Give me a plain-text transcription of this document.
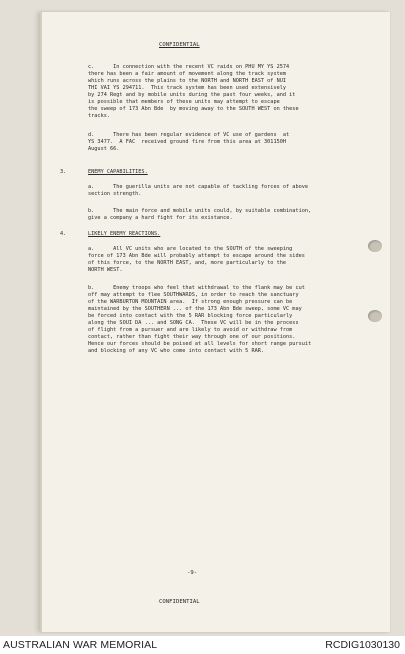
CONFIDENTIAL
c.      In connection with the recent VC raids on PHU MY YS 2574
there has been a fair amount of movement along the track system
which runs across the plains to the NORTH and NORTH EAST of NUI
THI VAI YS 294711.  This track system has been used extensively
by 274 Regt and by mobile units during the past four weeks, and it
is possible that members of these units may attempt to escape
the sweep of 173 Abn Bde  by moving away to the SOUTH WEST on these
tracks.
d.      There has been regular evidence of VC use of gardens  at
YS 3477.  A FAC  received ground fire from this area at 301150H
August 66.
3.	ENEMY CAPABILITIES.
a.      The guerilla units are not capable of tackling forces of above
section strength.
b.      The main force and mobile units could, by suitable combination,
give a company a hard fight for its existance.
4.	LIKELY ENEMY REACTIONS.
a.      All VC units who are located to the SOUTH of the sweeping
force of 173 Abn Bde will probably attempt to escape around the sides
of this force, to the NORTH EAST, and, more particularly to the
NORTH WEST.
b.      Enemy troops who feel that withdrawal to the flank may be cut
off may attempt to flee SOUTHWARDS, in order to reach the sanctuary
of the WARBURTON MOUNTAIN area.  If strong enough pressure can be
maintained by the SOUTHERN ... of the 173 Abn Bde sweep, some VC may
be forced into contact with the 5 RAR blocking force particularly
along the SOUI DA ... and SONG CA.  These VC will be in the process
of flight from a pursuer and are likely to avoid or withdraw from
contact, rather than fight their way through one of our positions.
Hence our forces should be poised at all levels for short range pursuit
and blocking of any VC who come into contact with 5 RAR.
-9-
CONFIDENTIAL
AUSTRALIAN WAR MEMORIAL	RCDIG1030130
